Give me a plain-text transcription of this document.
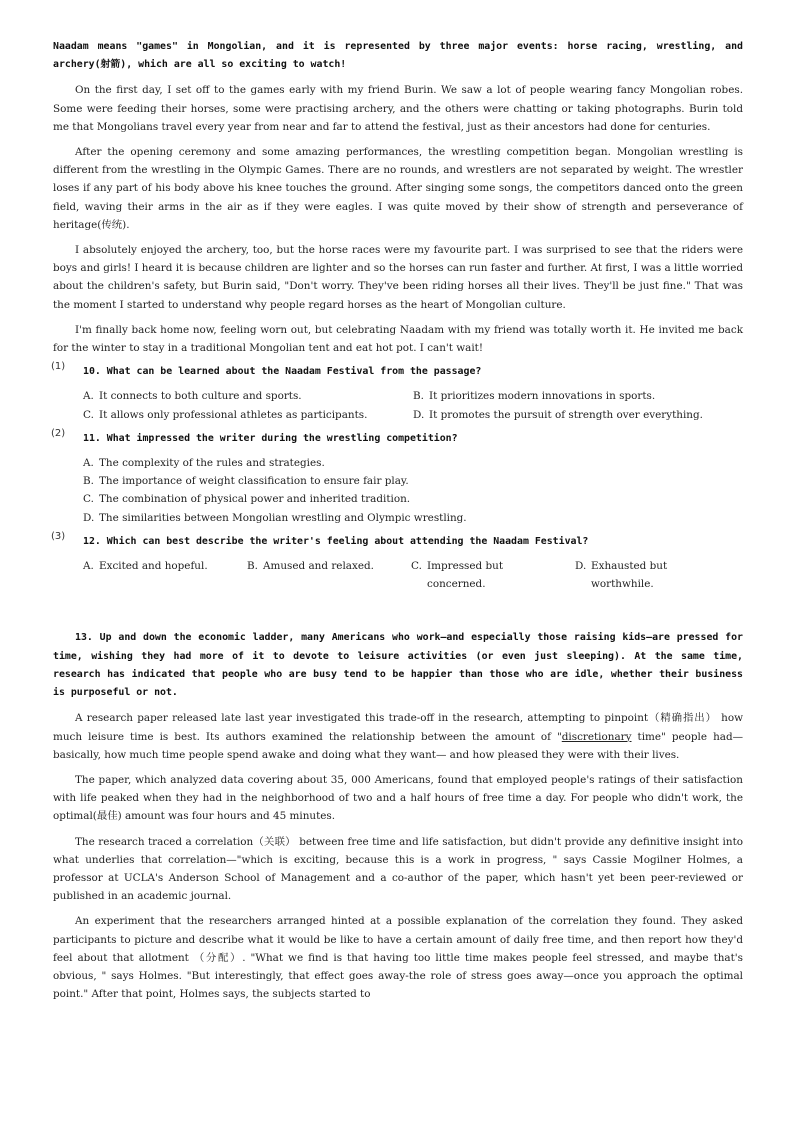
Naadam means "games" in Mongolian, and it is represented by three major events: horse racing, wrestling, and archery(射箭), which are all so exciting to watch!

On the first day, I set off to the games early with my friend Burin. We saw a lot of people wearing fancy Mongolian robes. Some were feeding their horses, some were practising archery, and the others were chatting or taking photographs. Burin told me that Mongolians travel every year from near and far to attend the festival, just as their ancestors had done for centuries.

After the opening ceremony and some amazing performances, the wrestling competition began. Mongolian wrestling is different from the wrestling in the Olympic Games. There are no rounds, and wrestlers are not separated by weight. The wrestler loses if any part of his body above his knee touches the ground. After singing some songs, the competitors danced onto the green field, waving their arms in the air as if they were eagles. I was quite moved by their show of strength and perseverance of heritage(传统).

I absolutely enjoyed the archery, too, but the horse races were my favourite part. I was surprised to see that the riders were boys and girls! I heard it is because children are lighter and so the horses can run faster and further. At first, I was a little worried about the children's safety, but Burin said, "Don't worry. They've been riding horses all their lives. They'll be just fine." That was the moment I started to understand why people regard horses as the heart of Mongolian culture.

I'm finally back home now, feeling worn out, but celebrating Naadam with my friend was totally worth it. He invited me back for the winter to stay in a traditional Mongolian tent and eat hot pot. I can't wait!

(1)	10. What can be learned about the Naadam Festival from the passage?
A. It connects to both culture and sports.	B. It prioritizes modern innovations in sports.
C. It allows only professional athletes as participants.	D. It promotes the pursuit of strength over everything.
(2)	11. What impressed the writer during the wrestling competition?
A. The complexity of the rules and strategies.
B. The importance of weight classification to ensure fair play.
C. The combination of physical power and inherited tradition.
D. The similarities between Mongolian wrestling and Olympic wrestling.
(3)	12. Which can best describe the writer's feeling about attending the Naadam Festival?
A. Excited and hopeful.	B. Amused and relaxed.	C. Impressed but concerned.
D. Exhausted but worthwhile.

13. Up and down the economic ladder, many Americans who work—and especially those raising kids—are pressed for time, wishing they had more of it to devote to leisure activities (or even just sleeping). At the same time, research has indicated that people who are busy tend to be happier than those who are idle, whether their business is purposeful or not.

A research paper released late last year investigated this trade-off in the research, attempting to pinpoint（精确指出） how much leisure time is best. Its authors examined the relationship between the amount of "discretionary time" people had—basically, how much time people spend awake and doing what they want— and how pleased they were with their lives.

The paper, which analyzed data covering about 35, 000 Americans, found that employed people's ratings of their satisfaction with life peaked when they had in the neighborhood of two and a half hours of free time a day. For people who didn't work, the optimal(最佳) amount was four hours and 45 minutes.

The research traced a correlation（关联） between free time and life satisfaction, but didn't provide any definitive insight into what underlies that correlation—"which is exciting, because this is a work in progress, " says Cassie Mogilner Holmes, a professor at UCLA's Anderson School of Management and a co-author of the paper, which hasn't yet been peer-reviewed or published in an academic journal.

An experiment that the researchers arranged hinted at a possible explanation of the correlation they found. They asked participants to picture and describe what it would be like to have a certain amount of daily free time, and then report how they'd feel about that allotment （分配）. "What we find is that having too little time makes people feel stressed, and maybe that's obvious, " says Holmes. "But interestingly, that effect goes away-the role of stress goes away—once you approach the optimal point." After that point, Holmes says, the subjects started to
